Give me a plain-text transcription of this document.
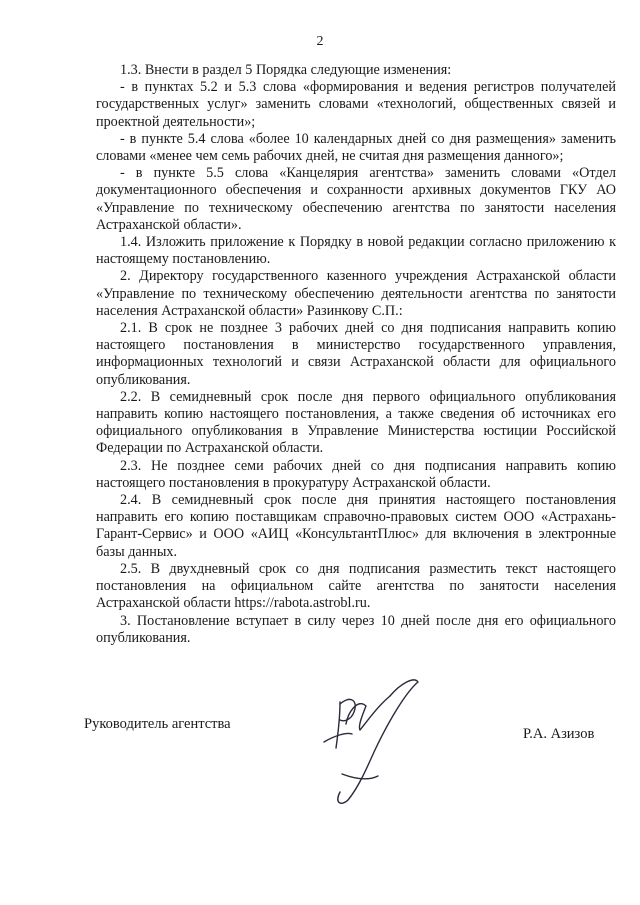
2

1.3. Внести в раздел 5 Порядка следующие изменения:

- в пунктах 5.2 и 5.3 слова «формирования и ведения регистров получателей государственных услуг» заменить словами «технологий, общественных связей и проектной деятельности»;

- в пункте 5.4 слова «более 10 календарных дней со дня размещения» заменить словами «менее чем семь рабочих дней, не считая дня размещения данного»;

- в пункте 5.5 слова «Канцелярия агентства» заменить словами «Отдел документационного обеспечения и сохранности архивных документов ГКУ АО «Управление по техническому обеспечению агентства по занятости населения Астраханской области».

1.4. Изложить приложение к Порядку в новой редакции согласно приложению к настоящему постановлению.

2. Директору государственного казенного учреждения Астраханской области «Управление по техническому обеспечению деятельности агентства по занятости населения Астраханской области» Разинкову С.П.:

2.1. В срок не позднее 3 рабочих дней со дня подписания направить копию настоящего постановления в министерство государственного управления, информационных технологий и связи Астраханской области для официального опубликования.

2.2. В семидневный срок после дня первого официального опубликования направить копию настоящего постановления, а также сведения об источниках его официального опубликования в Управление Министерства юстиции Российской Федерации по Астраханской области.

2.3. Не позднее семи рабочих дней со дня подписания направить копию настоящего постановления в прокуратуру Астраханской области.

2.4. В семидневный срок после дня принятия настоящего постановления направить его копию поставщикам справочно-правовых систем ООО «Астрахань-Гарант-Сервис» и ООО «АИЦ «КонсультантПлюс» для включения в электронные базы данных.

2.5. В двухдневный срок со дня подписания разместить текст настоящего постановления на официальном сайте агентства по занятости населения Астраханской области https://rabota.astrobl.ru.

3. Постановление вступает в силу через 10 дней после дня его официального опубликования.

Руководитель агентства
Р.А. Азизов
